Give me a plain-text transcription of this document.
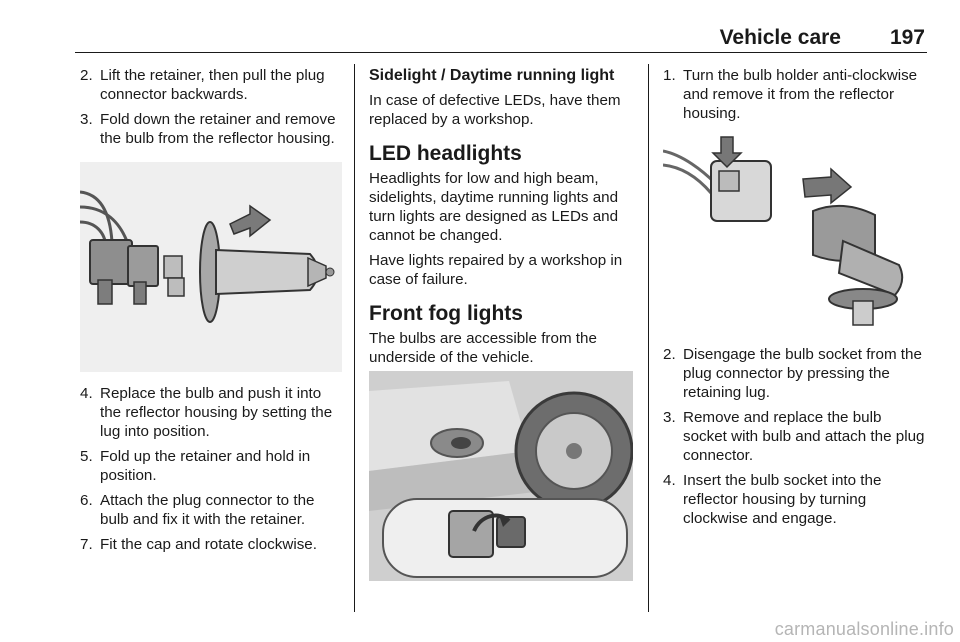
Vehicle care 197
2. Lift the retainer, then pull the plug connector backwards.
3. Fold down the retainer and remove the bulb from the reflector housing.
4. Replace the bulb and push it into the reflector housing by setting the lug into position.
5. Fold up the retainer and hold in position.
6. Attach the plug connector to the bulb and fix it with the retainer.
7. Fit the cap and rotate clockwise.
Sidelight / Daytime running light
In case of defective LEDs, have them replaced by a workshop.
LED headlights
Headlights for low and high beam, sidelights, daytime running lights and turn lights are designed as LEDs and cannot be changed.
Have lights repaired by a workshop in case of failure.
Front fog lights
The bulbs are accessible from the underside of the vehicle.
1. Turn the bulb holder anti-clockwise and remove it from the reflector housing.
2. Disengage the bulb socket from the plug connector by pressing the retaining lug.
3. Remove and replace the bulb socket with bulb and attach the plug connector.
4. Insert the bulb socket into the reflector housing by turning clockwise and engage.
carmanualsonline.info
